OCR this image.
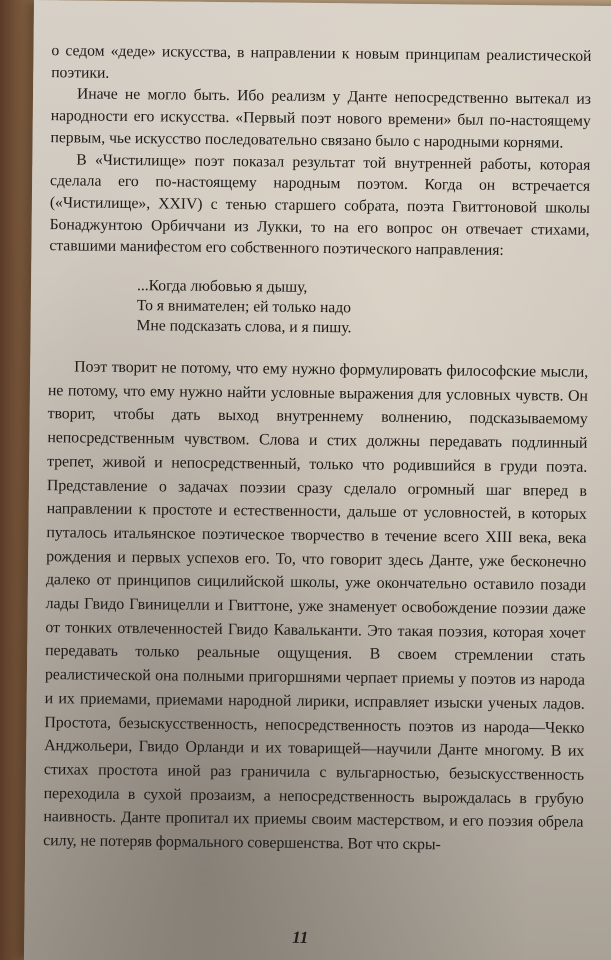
о седом «деде» искусства, в направлении к новым принципам реалистической поэтики.

Иначе не могло быть. Ибо реализм у Данте непосредственно вытекал из народности его искусства. «Первый поэт нового времени» был по-настоящему первым, чье искусство последовательно связано было с народными корнями.

В «Чистилище» поэт показал результат той внутренней работы, которая сделала его по-настоящему народным поэтом. Когда он встречается («Чистилище», XXIV) с тенью старшего собрата, поэта Гвиттоновой школы Бонаджунтою Орбиччани из Лукки, то на его вопрос он отвечает стихами, ставшими манифестом его собственного поэтического направления:

...Когда любовью я дышу,
То я внимателен; ей только надо
Мне подсказать слова, и я пишу.

Поэт творит не потому, что ему нужно формулировать философские мысли, не потому, что ему нужно найти условные выражения для условных чувств. Он творит, чтобы дать выход внутреннему волнению, подсказываемому непосредственным чувством. Слова и стих должны передавать подлинный трепет, живой и непосредственный, только что родившийся в груди поэта. Представление о задачах поэзии сразу сделало огромный шаг вперед в направлении к простоте и естественности, дальше от условностей, в которых путалось итальянское поэтическое творчество в течение всего XIII века, века рождения и первых успехов его. То, что говорит здесь Данте, уже бесконечно далеко от принципов сицилийской школы, уже окончательно оставило позади лады Гвидо Гвиницелли и Гвиттоне, уже знаменует освобождение поэзии даже от тонких отвлеченностей Гвидо Кавальканти. Это такая поэзия, которая хочет передавать только реальные ощущения. В своем стремлении стать реалистической она полными пригоршнями черпает приемы у поэтов из народа и их приемами, приемами народной лирики, исправляет изыски ученых ладов. Простота, безыскусственность, непосредственность поэтов из народа—Чекко Анджольери, Гвидо Орланди и их товарищей—научили Данте многому. В их стихах простота иной раз граничила с вульгарностью, безыскусственность переходила в сухой прозаизм, а непосредственность вырождалась в грубую наивность. Данте пропитал их приемы своим мастерством, и его поэзия обрела силу, не потеряв формального совершенства. Вот что скры-

11
